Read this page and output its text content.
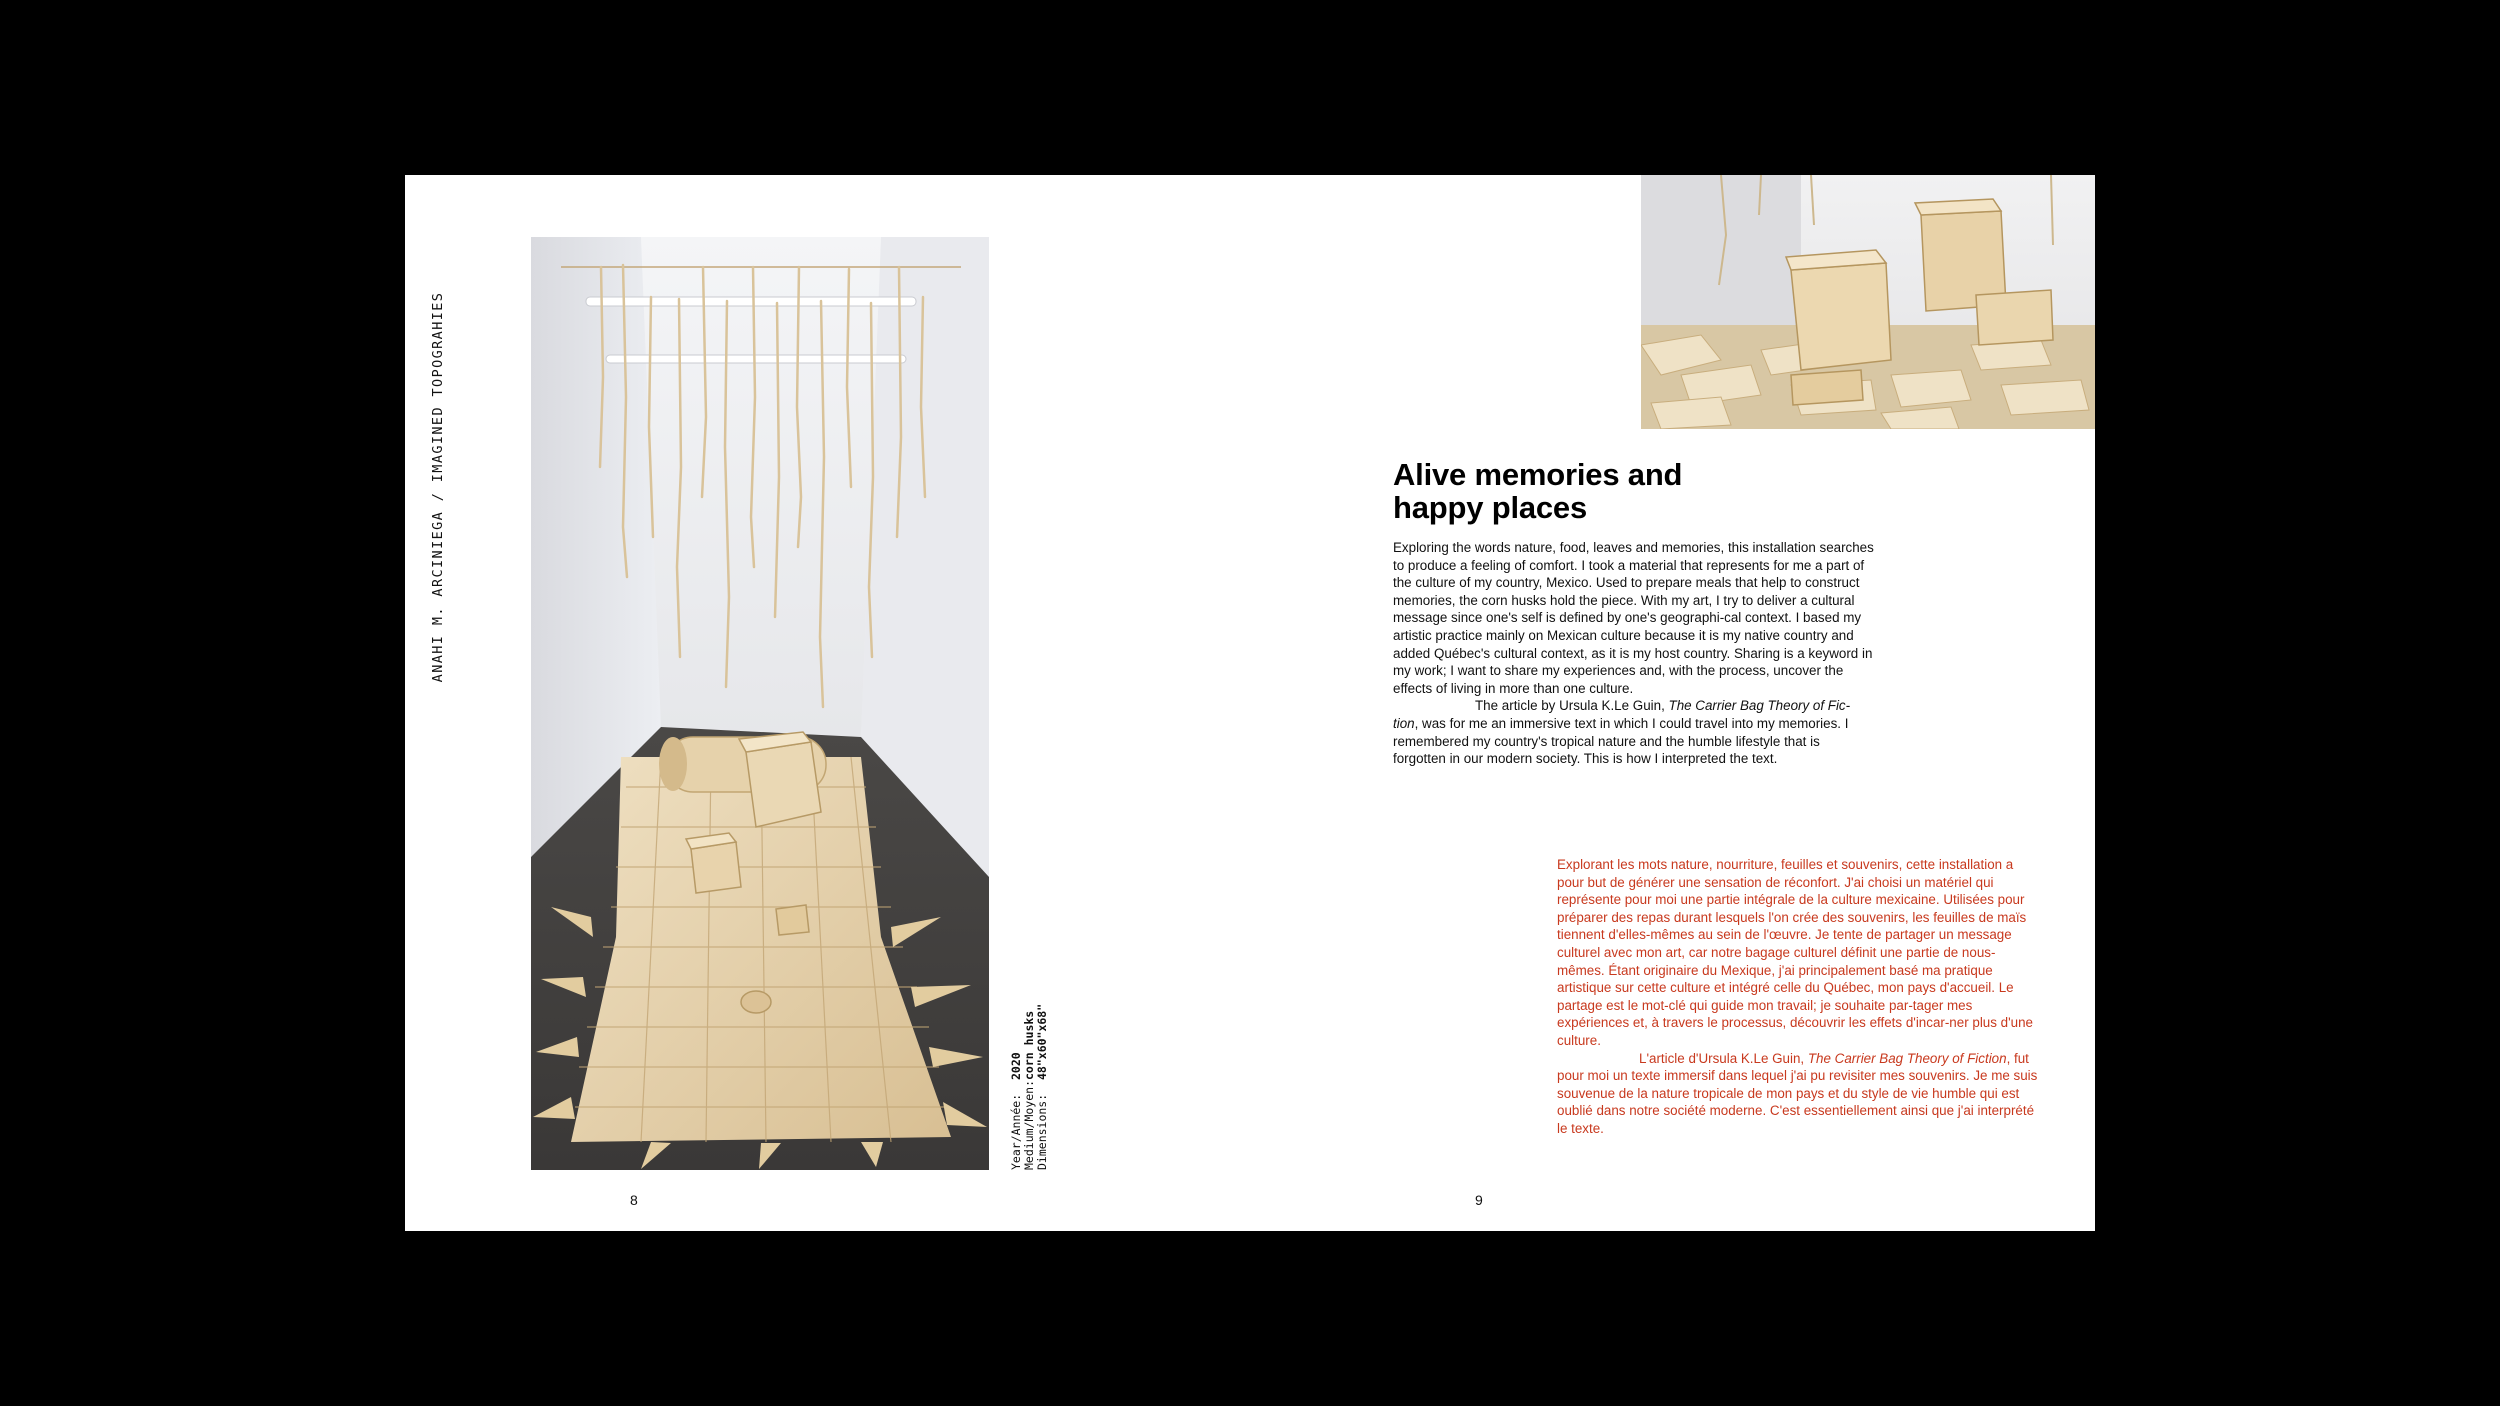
ANAHI M. ARCINIEGA / IMAGINED TOPOGRAHIES
Year/Année: Medium/Moyen: Dimensions:
2020 corn husks 48"x60"x68"
8
Alive memories and
happy places

Exploring the words nature, food, leaves and memories, this installation searches to produce a feeling of comfort. I took a material that represents for me a part of the culture of my country, Mexico. Used to prepare meals that help to construct memories, the corn husks hold the piece. With my art, I try to deliver a cultural message since one's self is defined by one's geographi-cal context. I based my artistic practice mainly on Mexican culture because it is my native country and added Québec's cultural context, as it is my host country. Sharing is a keyword in my work; I want to share my experiences and, with the process, uncover the effects of living in more than one culture.

The article by Ursula K.Le Guin, The Carrier Bag Theory of Fic-tion, was for me an immersive text in which I could travel into my memories. I remembered my country's tropical nature and the humble lifestyle that is forgotten in our modern society. This is how I interpreted the text.

Explorant les mots nature, nourriture, feuilles et souvenirs, cette installation a pour but de générer une sensation de réconfort. J'ai choisi un matériel qui représente pour moi une partie intégrale de la culture mexicaine. Utilisées pour préparer des repas durant lesquels l'on crée des souvenirs, les feuilles de maïs tiennent d'elles-mêmes au sein de l'œuvre. Je tente de partager un message culturel avec mon art, car notre bagage culturel définit une partie de nous-mêmes. Étant originaire du Mexique, j'ai principalement basé ma pratique artistique sur cette culture et intégré celle du Québec, mon pays d'accueil. Le partage est le mot-clé qui guide mon travail; je souhaite par-tager mes expériences et, à travers le processus, découvrir les effets d'incar-ner plus d'une culture.

L'article d'Ursula K.Le Guin, The Carrier Bag Theory of Fiction, fut pour moi un texte immersif dans lequel j'ai pu revisiter mes souvenirs. Je me suis souvenue de la nature tropicale de mon pays et du style de vie humble qui est oublié dans notre société moderne. C'est essentiellement ainsi que j'ai interprété le texte.

9
